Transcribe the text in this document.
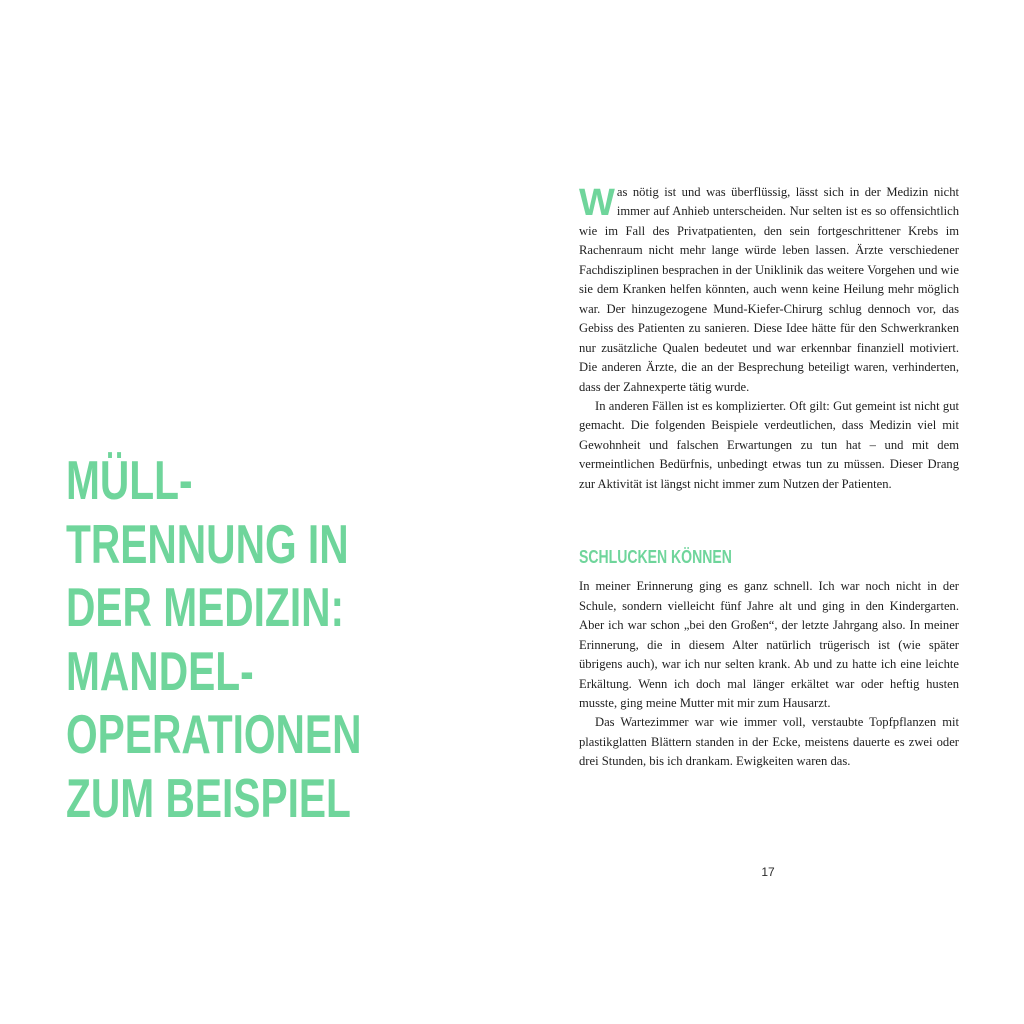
MÜLL-
TRENNUNG IN
DER MEDIZIN:
MANDEL-
OPERATIONEN
ZUM BEISPIEL

Was nötig ist und was überflüssig, lässt sich in der Medizin nicht immer auf Anhieb unterscheiden. Nur selten ist es so offensichtlich wie im Fall des Privatpatienten, den sein fortgeschrittener Krebs im Rachenraum nicht mehr lange würde leben lassen. Ärzte verschiedener Fachdisziplinen besprachen in der Uniklinik das weitere Vorgehen und wie sie dem Kranken helfen könnten, auch wenn keine Heilung mehr möglich war. Der hinzugezogene Mund-Kiefer-Chirurg schlug dennoch vor, das Gebiss des Patienten zu sanieren. Diese Idee hätte für den Schwerkranken nur zusätzliche Qualen bedeutet und war erkennbar finanziell motiviert. Die anderen Ärzte, die an der Besprechung beteiligt waren, verhinderten, dass der Zahnexperte tätig wurde.

In anderen Fällen ist es komplizierter. Oft gilt: Gut gemeint ist nicht gut gemacht. Die folgenden Beispiele verdeutlichen, dass Medizin viel mit Gewohnheit und falschen Erwartungen zu tun hat – und mit dem vermeintlichen Bedürfnis, unbedingt etwas tun zu müssen. Dieser Drang zur Aktivität ist längst nicht immer zum Nutzen der Patienten.

SCHLUCKEN KÖNNEN

In meiner Erinnerung ging es ganz schnell. Ich war noch nicht in der Schule, sondern vielleicht fünf Jahre alt und ging in den Kindergarten. Aber ich war schon „bei den Großen“, der letzte Jahrgang also. In meiner Erinnerung, die in diesem Alter natürlich trügerisch ist (wie später übrigens auch), war ich nur selten krank. Ab und zu hatte ich eine leichte Erkältung. Wenn ich doch mal länger erkältet war oder heftig husten musste, ging meine Mutter mit mir zum Hausarzt.

Das Wartezimmer war wie immer voll, verstaubte Topfpflanzen mit plastikglatten Blättern standen in der Ecke, meistens dauerte es zwei oder drei Stunden, bis ich drankam. Ewigkeiten waren das.

17
